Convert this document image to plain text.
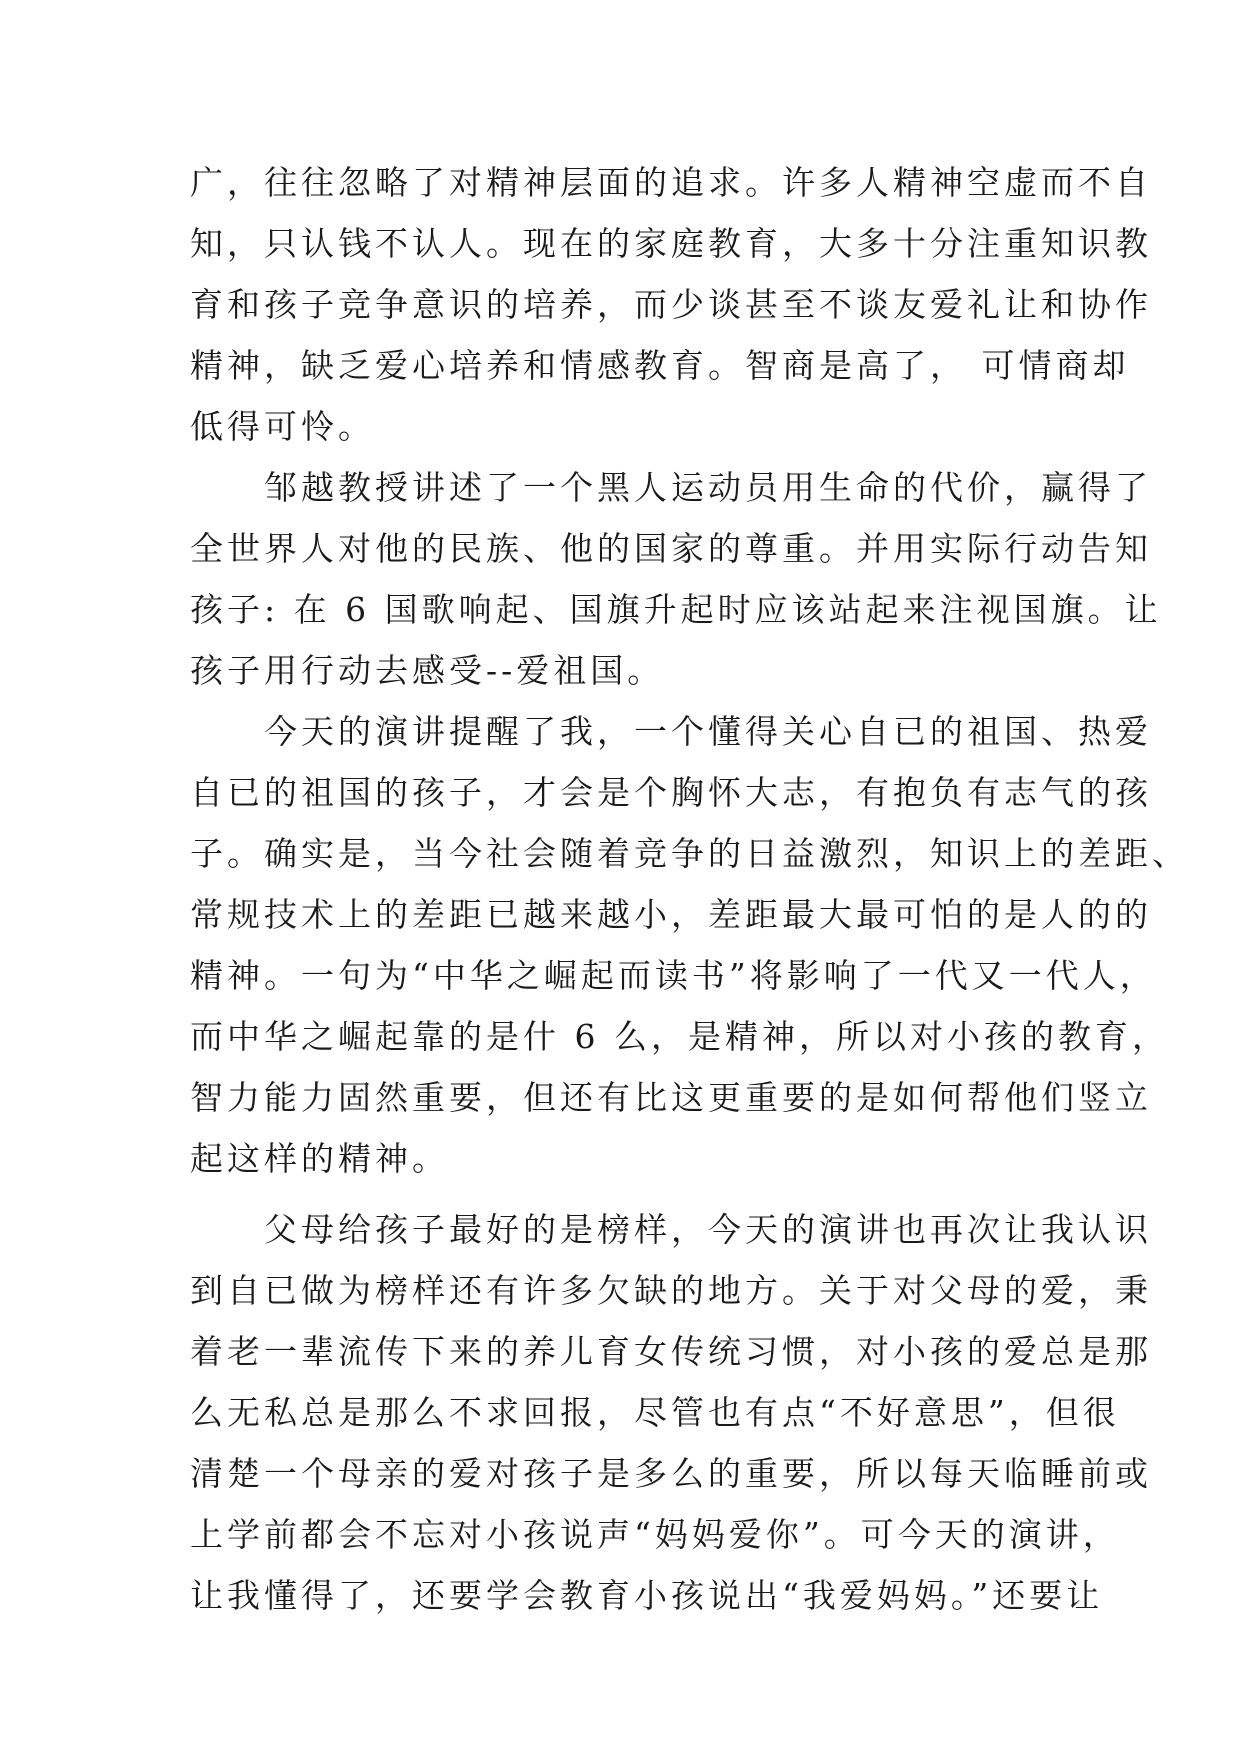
广，往往忽略了对精神层面的追求。许多人精神空虚而不自
知，只认钱不认人。现在的家庭教育，大多十分注重知识教
育和孩子竞争意识的培养，而少谈甚至不谈友爱礼让和协作
精神，缺乏爱心培养和情感教育。智商是高了， 可情商却
低得可怜。
　　邹越教授讲述了一个黑人运动员用生命的代价，赢得了
全世界人对他的民族、他的国家的尊重。并用实际行动告知
孩子: 在 6 国歌响起、国旗升起时应该站起来注视国旗。让
孩子用行动去感受--爱祖国。
　　今天的演讲提醒了我，一个懂得关心自已的祖国、热爱
自已的祖国的孩子，才会是个胸怀大志，有抱负有志气的孩
子。确实是，当今社会随着竞争的日益激烈，知识上的差距、
常规技术上的差距已越来越小，差距最大最可怕的是人的的
精神。一句为“中华之崛起而读书”将影响了一代又一代人，
而中华之崛起靠的是什 6 么，是精神，所以对小孩的教育，
智力能力固然重要，但还有比这更重要的是如何帮他们竖立
起这样的精神。
　　父母给孩子最好的是榜样，今天的演讲也再次让我认识
到自已做为榜样还有许多欠缺的地方。关于对父母的爱，秉
着老一辈流传下来的养儿育女传统习惯，对小孩的爱总是那
么无私总是那么不求回报，尽管也有点“不好意思”，但很
清楚一个母亲的爱对孩子是多么的重要，所以每天临睡前或
上学前都会不忘对小孩说声“妈妈爱你”。可今天的演讲，
让我懂得了，还要学会教育小孩说出“我爱妈妈。”还要让
